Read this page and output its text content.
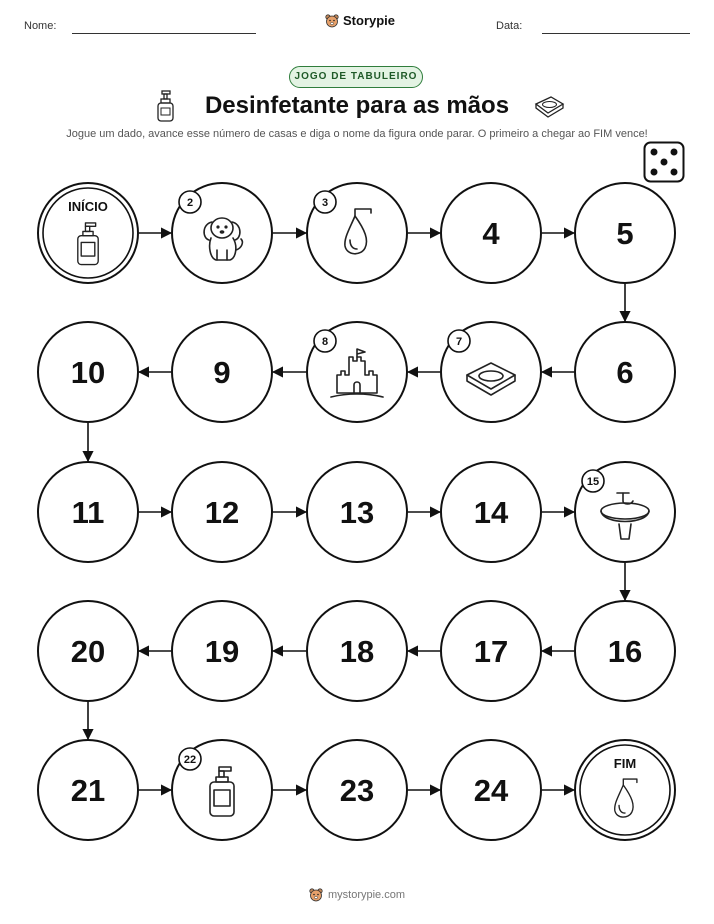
Nome:	Storypie	Data:
JOGO DE TABULEIRO
Desinfetante para as mãos
Jogue um dado, avance esse número de casas e diga o nome da figura onde parar. O primeiro a chegar ao FIM vence!
INÍCIO	2	3
4	5
6
7
8
9
10
11	12	13	14
15
16
17
18
19
20
21
22
23	24
FIM
mystorypie.com
